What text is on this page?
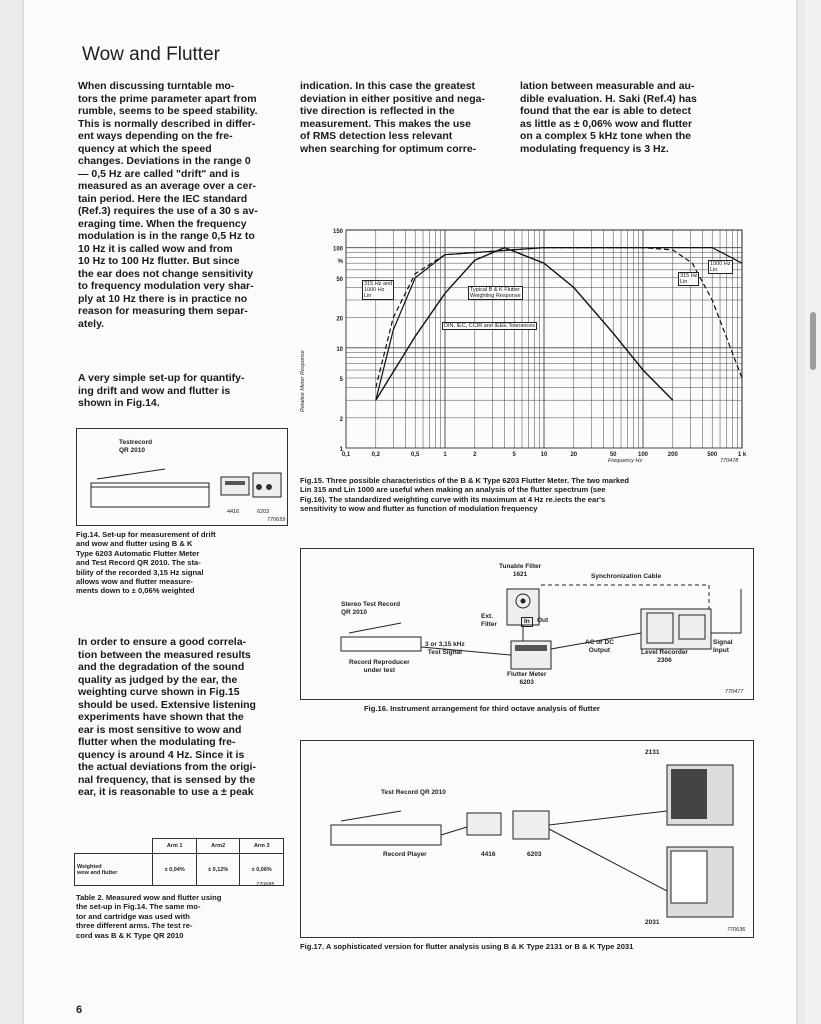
Wow and Flutter
When discussing turntable mo-
tors the prime parameter apart from
rumble, seems to be speed stability.
This is normally described in differ-
ent ways depending on the fre-
quency at which the speed
changes. Deviations in the range 0
— 0,5 Hz are called "drift" and is
measured as an average over a cer-
tain period. Here the IEC standard
(Ref.3) requires the use of a 30 s av-
eraging time. When the frequency
modulation is in the range 0,5 Hz to
10 Hz it is called wow and from
10 Hz to 100 Hz flutter. But since
the ear does not change sensitivity
to frequency modulation very shar-
ply at 10 Hz there is in practice no
reason for measuring them separ-
ately.
A very simple set-up for quantify-
ing drift and wow and flutter is
shown in Fig.14.
In order to ensure a good correla-
tion between the measured results
and the degradation of the sound
quality as judged by the ear, the
weighting curve shown in Fig.15
should be used. Extensive listening
experiments have shown that the
ear is most sensitive to wow and
flutter when the modulating fre-
quency is around 4 Hz. Since it is
the actual deviations from the origi-
nal frequency, that is sensed by the
ear, it is reasonable to use a ± peak
indication. In this case the greatest
deviation in either positive and nega-
tive direction is reflected in the
measurement. This makes the use
of RMS detection less relevant
when searching for optimum corre-
lation between measurable and au-
dible evaluation. H. Saki (Ref.4) has
found that the ear is able to detect
as little as ± 0,06% wow and flutter
on a complex 5 kHz tone when the
modulating frequency is 3 Hz.
Testrecord
QR 2010
4416	6203
770659
Fig.14. Set-up for measurement of drift
and wow and flutter using B & K
Type 6203 Automatic Flutter Meter
and Test Record QR 2010. The sta-
bility of the recorded 3,15 Hz signal
allows wow and flutter measure-
ments down to ± 0,06% weighted
	Arm 1	Arm2	Arm 3
Weighted
wow and flutter	± 0,04%	± 0,12%	± 0,06%
770685
Table 2. Measured wow and flutter using
the set-up in Fig.14. The same mo-
tor and cartridge was used with
three different arms. The test re-
cord was B & K Type QR 2010
150
100
%
50
20
10
5
2
1
0,1	0,2	0,5	1	2	5	10	20	50	100	200	500	1 k
Relative Meter Response
Frequency Hz	770478
315 Hz and
1000 Hz
Lin
Typical B & K Flutter
Weighting Response
DIN, IEC, CCIR and IEEE Tolerances
1000 Hz
Lin
315 Hz
Lin
Fig.15. Three possible characteristics of the B & K Type 6203 Flutter Meter. The two marked
Lin 315 and Lin 1000 are useful when making an analysis of the flutter spectrum (see
Fig.16). The standardized weighting curve with its maximum at 4 Hz re.iects the ear's
sensitivity to wow and flutter as function of modulation frequency
Tunable Filter
1621	Synchronization Cable
Stereo Test Record
QR 2010
Ext.
Filter	In	Out
3 or 3,15 kHz
Test Signal
AC or DC
Output	Level Recorder
2306
Signal
Input
Record Reproducer
under test
Flutter Meter
6203
770477
Fig.16. Instrument arrangement for third octave analysis of flutter
Test Record QR 2010
Record Player	4416	6203
2131
2031
770636
Fig.17. A sophisticated version for flutter analysis using B & K Type 2131 or B & K Type 2031
6
